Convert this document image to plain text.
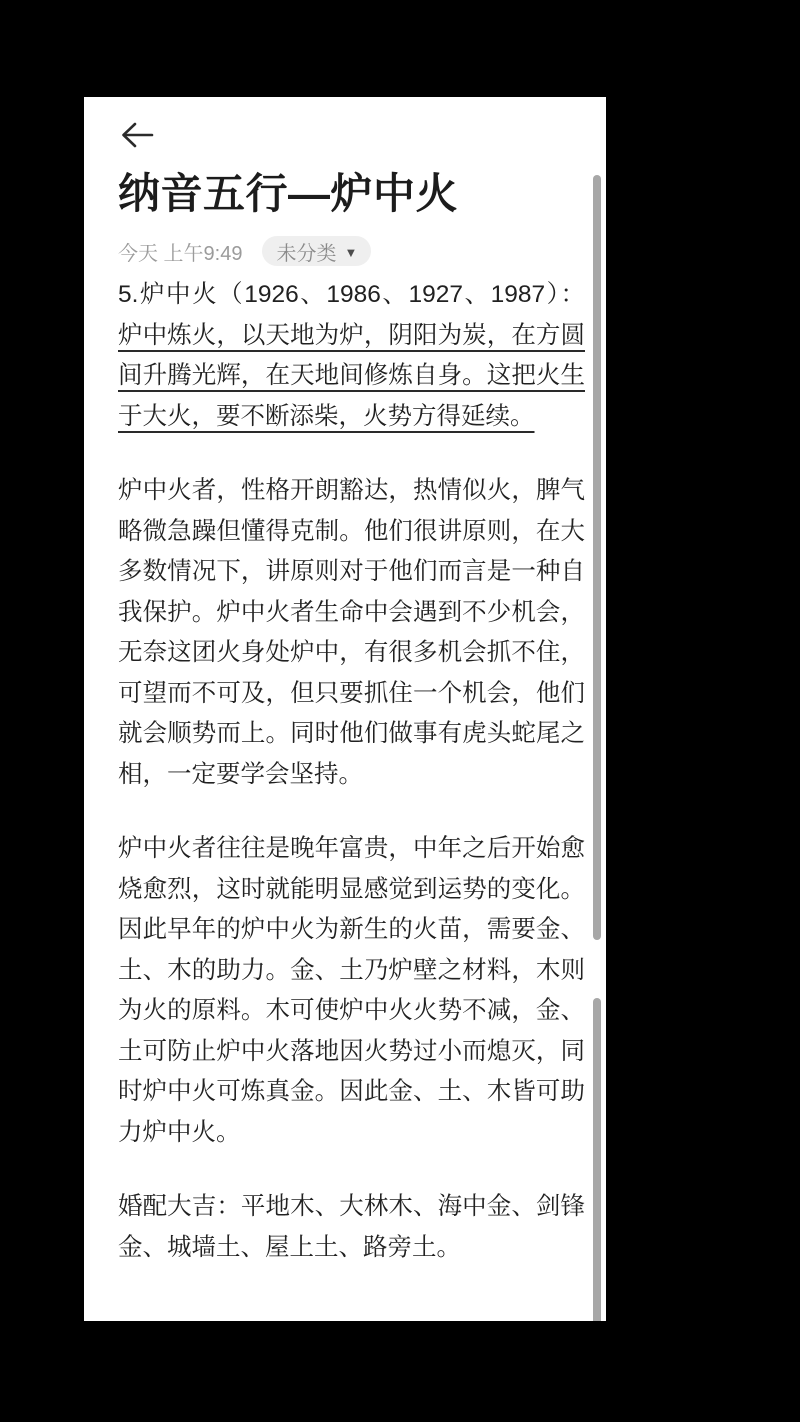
纳音五行—炉中火
今天 上午9:49 未分类 ▼

5.炉中火（1926、1986、1927、1987）：炉中炼火，以天地为炉，阴阳为炭，在方圆间升腾光辉，在天地间修炼自身。这把火生于大火，要不断添柴，火势方得延续。

炉中火者，性格开朗豁达，热情似火，脾气略微急躁但懂得克制。他们很讲原则，在大多数情况下，讲原则对于他们而言是一种自我保护。炉中火者生命中会遇到不少机会，无奈这团火身处炉中，有很多机会抓不住，可望而不可及，但只要抓住一个机会，他们就会顺势而上。同时他们做事有虎头蛇尾之相，一定要学会坚持。

炉中火者往往是晚年富贵，中年之后开始愈烧愈烈，这时就能明显感觉到运势的变化。因此早年的炉中火为新生的火苗，需要金、土、木的助力。金、土乃炉壁之材料，木则为火的原料。木可使炉中火火势不减，金、土可防止炉中火落地因火势过小而熄灭，同时炉中火可炼真金。因此金、土、木皆可助力炉中火。

婚配大吉：平地木、大林木、海中金、剑锋金、城墙土、屋上土、路旁土。
